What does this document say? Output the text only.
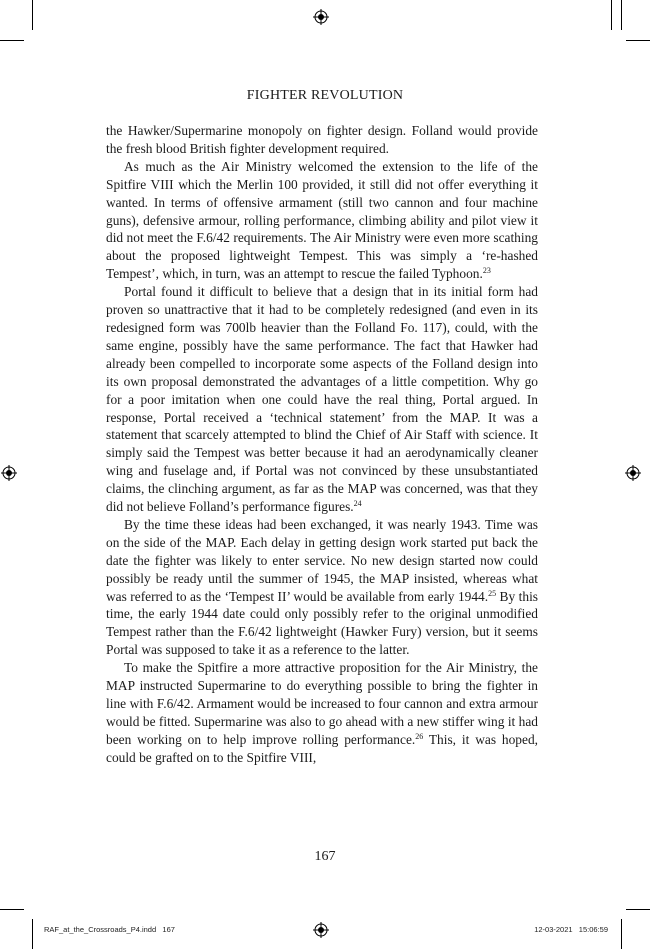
FIGHTER REVOLUTION

the Hawker/Supermarine monopoly on fighter design. Folland would provide the fresh blood British fighter development required.

As much as the Air Ministry welcomed the extension to the life of the Spitfire VIII which the Merlin 100 provided, it still did not offer everything it wanted. In terms of offensive armament (still two cannon and four machine guns), defensive armour, rolling performance, climbing ability and pilot view it did not meet the F.6/42 requirements. The Air Ministry were even more scathing about the proposed lightweight Tempest. This was simply a ‘re-hashed Tempest’, which, in turn, was an attempt to rescue the failed Typhoon.$^{23}$

Portal found it difficult to believe that a design that in its initial form had proven so unattractive that it had to be completely redesigned (and even in its redesigned form was 700lb heavier than the Folland Fo. 117), could, with the same engine, possibly have the same performance. The fact that Hawker had already been compelled to incorporate some aspects of the Folland design into its own proposal demonstrated the advantages of a little competition. Why go for a poor imitation when one could have the real thing, Portal argued. In response, Portal received a ‘technical statement’ from the MAP. It was a statement that scarcely attempted to blind the Chief of Air Staff with science. It simply said the Tempest was better because it had an aerodynamically cleaner wing and fuselage and, if Portal was not convinced by these unsubstantiated claims, the clinching argument, as far as the MAP was concerned, was that they did not believe Folland’s performance figures.$^{24}$

By the time these ideas had been exchanged, it was nearly 1943. Time was on the side of the MAP. Each delay in getting design work started put back the date the fighter was likely to enter service. No new design started now could possibly be ready until the summer of 1945, the MAP insisted, whereas what was referred to as the ‘Tempest II’ would be available from early 1944.25 By this time, the early 1944 date could only possibly refer to the original unmodified Tempest rather than the F.6/42 lightweight (Hawker Fury) version, but it seems Portal was supposed to take it as a reference to the latter.

To make the Spitfire a more attractive proposition for the Air Ministry, the MAP instructed Supermarine to do everything possible to bring the fighter in line with F.6/42. Armament would be increased to four cannon and extra armour would be fitted. Supermarine was also to go ahead with a new stiffer wing it had been working on to help improve rolling performance.$^{26}$ This, it was hoped, could be grafted on to the Spitfire VIII,

167
RAF_at_the_Crossroads_P4.indd   167	12-03-2021   15:06:59
